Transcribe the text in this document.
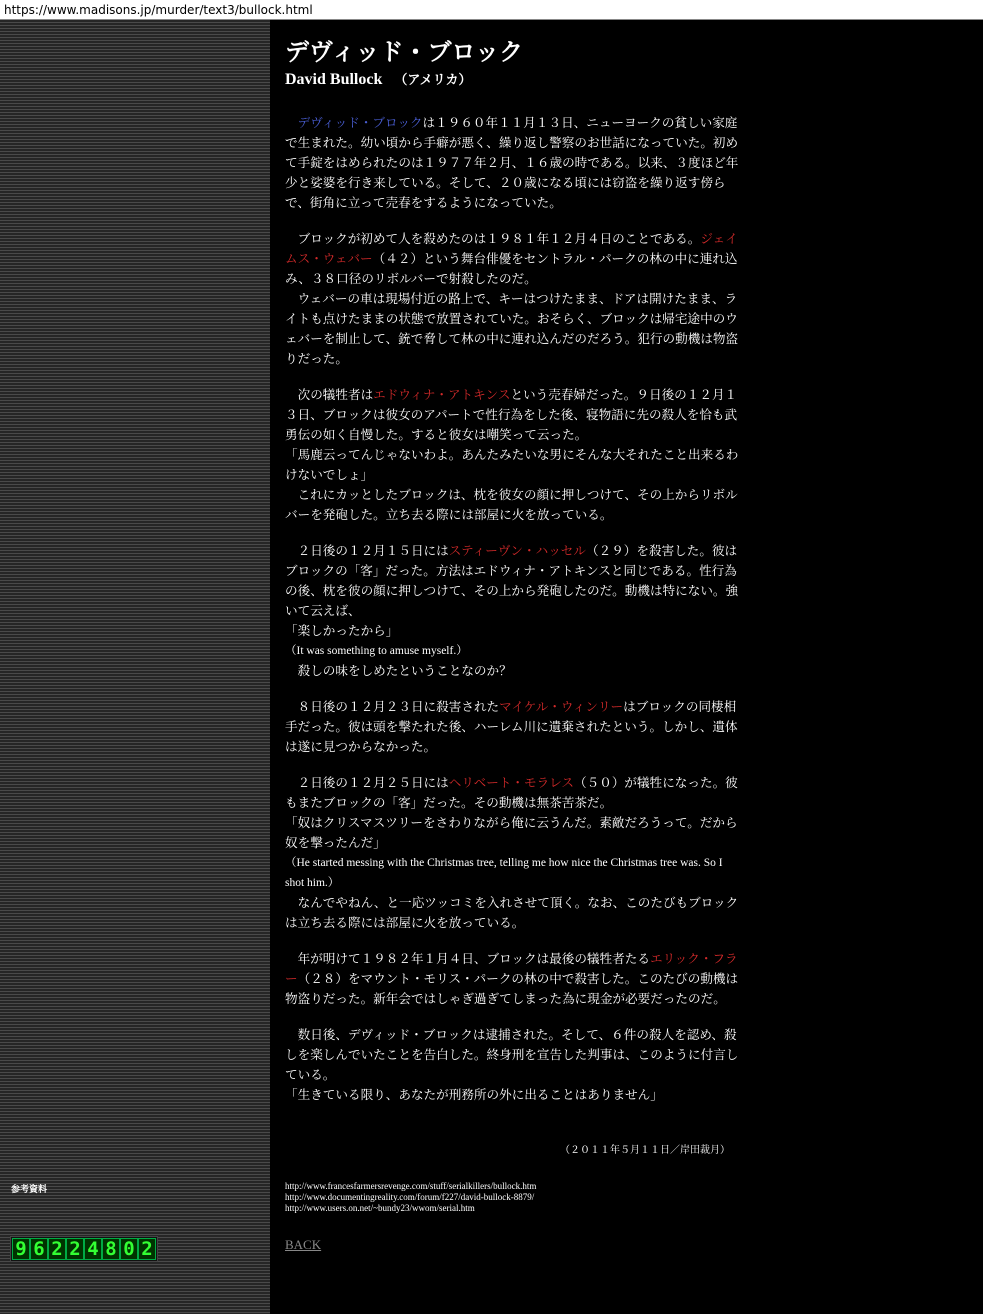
https://www.madisons.jp/murder/text3/bullock.html
参考資料
9 6 2 2 4 8 0 2
デヴィッド・ブロック
David Bullock （アメリカ）

　デヴィッド・ブロックは１９６０年１１月１３日、ニューヨークの貧しい家庭で生まれた。幼い頃から手癖が悪く、繰り返し警察のお世話になっていた。初めて手錠をはめられたのは１９７７年２月、１６歳の時である。以来、３度ほど年少と娑婆を行き来している。そして、２０歳になる頃には窃盗を繰り返す傍らで、街角に立って売春をするようになっていた。

　ブロックが初めて人を殺めたのは１９８１年１２月４日のことである。ジェイムス・ウェバー（４２）という舞台俳優をセントラル・パークの林の中に連れ込み、３８口径のリボルバーで射殺したのだ。
　ウェバーの車は現場付近の路上で、キーはつけたまま、ドアは開けたまま、ライトも点けたままの状態で放置されていた。おそらく、ブロックは帰宅途中のウェバーを制止して、銃で脅して林の中に連れ込んだのだろう。犯行の動機は物盗りだった。

　次の犠牲者はエドウィナ・アトキンスという売春婦だった。９日後の１２月１３日、ブロックは彼女のアパートで性行為をした後、寝物語に先の殺人を恰も武勇伝の如く自慢した。すると彼女は嘲笑って云った。
「馬鹿云ってんじゃないわよ。あんたみたいな男にそんな大それたこと出来るわけないでしょ」
　これにカッとしたブロックは、枕を彼女の顔に押しつけて、その上からリボルバーを発砲した。立ち去る際には部屋に火を放っている。

　２日後の１２月１５日にはスティーヴン・ハッセル（２９）を殺害した。彼はブロックの「客」だった。方法はエドウィナ・アトキンスと同じである。性行為の後、枕を彼の顔に押しつけて、その上から発砲したのだ。動機は特にない。強いて云えば、
「楽しかったから」
（It was something to amuse myself.）
　殺しの味をしめたということなのか？

　８日後の１２月２３日に殺害されたマイケル・ウィンリーはブロックの同棲相手だった。彼は頭を撃たれた後、ハーレム川に遺棄されたという。しかし、遺体は遂に見つからなかった。

　２日後の１２月２５日にはヘリベート・モラレス（５０）が犠牲になった。彼もまたブロックの「客」だった。その動機は無茶苦茶だ。
「奴はクリスマスツリーをさわりながら俺に云うんだ。素敵だろうって。だから奴を撃ったんだ」
（He started messing with the Christmas tree, telling me how nice the Christmas tree was. So I shot him.）
　なんでやねん、と一応ツッコミを入れさせて頂く。なお、このたびもブロックは立ち去る際には部屋に火を放っている。

　年が明けて１９８２年１月４日、ブロックは最後の犠牲者たるエリック・フラー（２８）をマウント・モリス・パークの林の中で殺害した。このたびの動機は物盗りだった。新年会ではしゃぎ過ぎてしまった為に現金が必要だったのだ。

　数日後、デヴィッド・ブロックは逮捕された。そして、６件の殺人を認め、殺しを楽しんでいたことを告白した。終身刑を宣告した判事は、このように付言している。
「生きている限り、あなたが刑務所の外に出ることはありません」

（２０１１年５月１１日／岸田裁月）
http://www.francesfarmersrevenge.com/stuff/serialkillers/bullock.htm
http://www.documentingreality.com/forum/f227/david-bullock-8879/
http://www.users.on.net/~bundy23/wwom/serial.htm
BACK
